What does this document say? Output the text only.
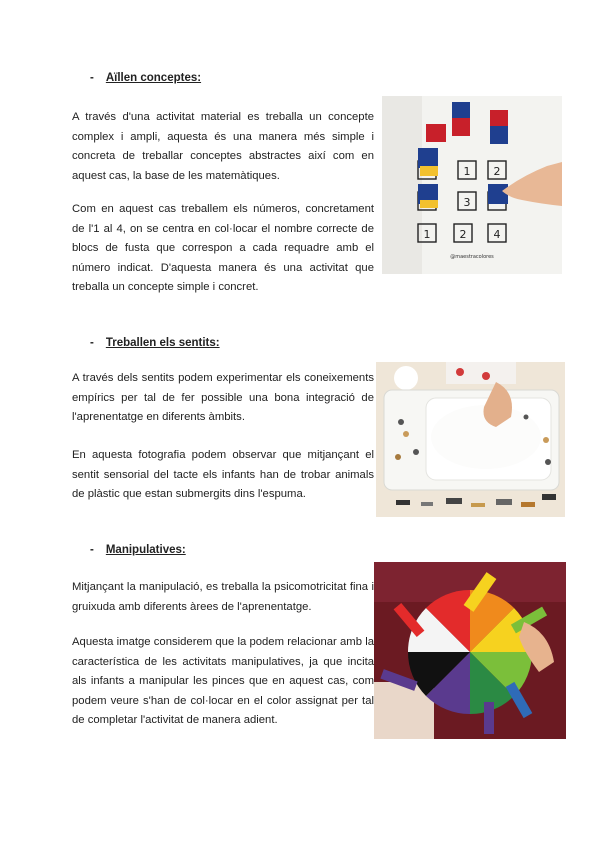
- Aïllen conceptes:

A través d'una activitat material es treballa un concepte complex i ampli, aquesta és una manera més simple i concreta de treballar conceptes abstractes així com en aquest cas, la base de les matemàtiques.

Com en aquest cas treballem els números, concretament de l'1 al 4, on se centra en col·locar el nombre correcte de blocs de fusta que correspon a cada requadre amb el número indicat. D'aquesta manera és una activitat que treballa un concepte simple i concret.

1 2
3
1	2 4
@maestracolores
- Treballen els sentits:

A través dels sentits podem experimentar els coneixements empírics per tal de fer possible una bona integració de l'aprenentatge en diferents àmbits.

En aquesta fotografia podem observar que mitjançant el sentit sensorial del tacte els infants han de trobar animals de plàstic que estan submergits dins l'espuma.

- Manipulatives:

Mitjançant la manipulació, es treballa la psicomotricitat fina i gruixuda amb diferents àrees de l'aprenentatge.

Aquesta imatge considerem que la podem relacionar amb la característica de les activitats manipulatives, ja que incita als infants a manipular les pinces que en aquest cas, com podem veure s'han de col·locar en el color assignat per tal de completar l'activitat de manera adient.
